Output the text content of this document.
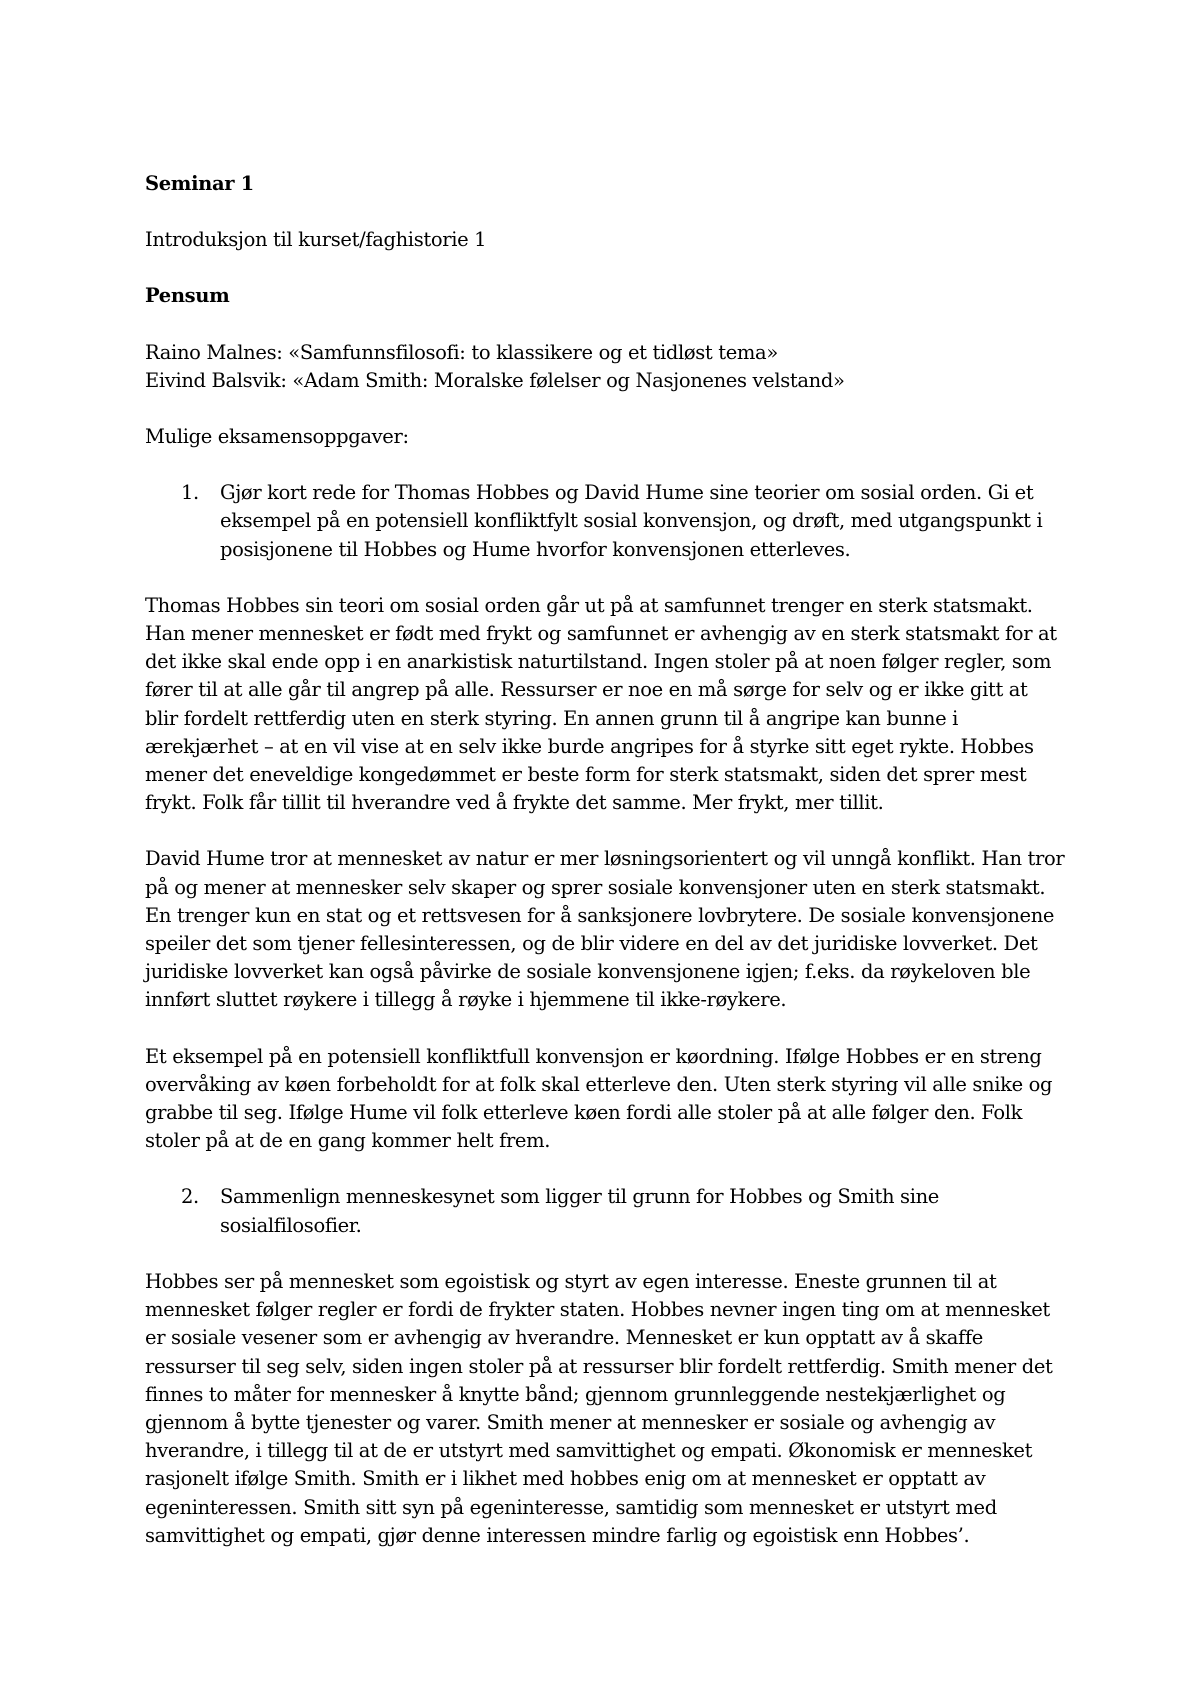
Seminar 1

Introduksjon til kurset/faghistorie 1

Pensum

Raino Malnes: «Samfunnsfilosofi: to klassikere og et tidløst tema»
Eivind Balsvik: «Adam Smith: Moralske følelser og Nasjonenes velstand»

Mulige eksamensoppgaver:

1.	Gjør kort rede for Thomas Hobbes og David Hume sine teorier om sosial orden. Gi et eksempel på en potensiell konfliktfylt sosial konvensjon, og drøft, med utgangspunkt i posisjonene til Hobbes og Hume hvorfor konvensjonen etterleves.

Thomas Hobbes sin teori om sosial orden går ut på at samfunnet trenger en sterk statsmakt. Han mener mennesket er født med frykt og samfunnet er avhengig av en sterk statsmakt for at det ikke skal ende opp i en anarkistisk naturtilstand. Ingen stoler på at noen følger regler, som fører til at alle går til angrep på alle. Ressurser er noe en må sørge for selv og er ikke gitt at blir fordelt rettferdig uten en sterk styring. En annen grunn til å angripe kan bunne i ærekjærhet – at en vil vise at en selv ikke burde angripes for å styrke sitt eget rykte. Hobbes mener det eneveldige kongedømmet er beste form for sterk statsmakt, siden det sprer mest frykt. Folk får tillit til hverandre ved å frykte det samme. Mer frykt, mer tillit.

David Hume tror at mennesket av natur er mer løsningsorientert og vil unngå konflikt. Han tror på og mener at mennesker selv skaper og sprer sosiale konvensjoner uten en sterk statsmakt. En trenger kun en stat og et rettsvesen for å sanksjonere lovbrytere. De sosiale konvensjonene speiler det som tjener fellesinteressen, og de blir videre en del av det juridiske lovverket. Det juridiske lovverket kan også påvirke de sosiale konvensjonene igjen; f.eks. da røykeloven ble innført sluttet røykere i tillegg å røyke i hjemmene til ikke-røykere.

Et eksempel på en potensiell konfliktfull konvensjon er køordning. Ifølge Hobbes er en streng overvåking av køen forbeholdt for at folk skal etterleve den. Uten sterk styring vil alle snike og grabbe til seg. Ifølge Hume vil folk etterleve køen fordi alle stoler på at alle følger den. Folk stoler på at de en gang kommer helt frem.

2.	Sammenlign menneskesynet som ligger til grunn for Hobbes og Smith sine sosialfilosofier.

Hobbes ser på mennesket som egoistisk og styrt av egen interesse. Eneste grunnen til at mennesket følger regler er fordi de frykter staten. Hobbes nevner ingen ting om at mennesket er sosiale vesener som er avhengig av hverandre. Mennesket er kun opptatt av å skaffe ressurser til seg selv, siden ingen stoler på at ressurser blir fordelt rettferdig. Smith mener det finnes to måter for mennesker å knytte bånd; gjennom grunnleggende nestekjærlighet og gjennom å bytte tjenester og varer. Smith mener at mennesker er sosiale og avhengig av hverandre, i tillegg til at de er utstyrt med samvittighet og empati. Økonomisk er mennesket rasjonelt ifølge Smith. Smith er i likhet med hobbes enig om at mennesket er opptatt av egeninteressen. Smith sitt syn på egeninteresse, samtidig som mennesket er utstyrt med samvittighet og empati, gjør denne interessen mindre farlig og egoistisk enn Hobbes’.
